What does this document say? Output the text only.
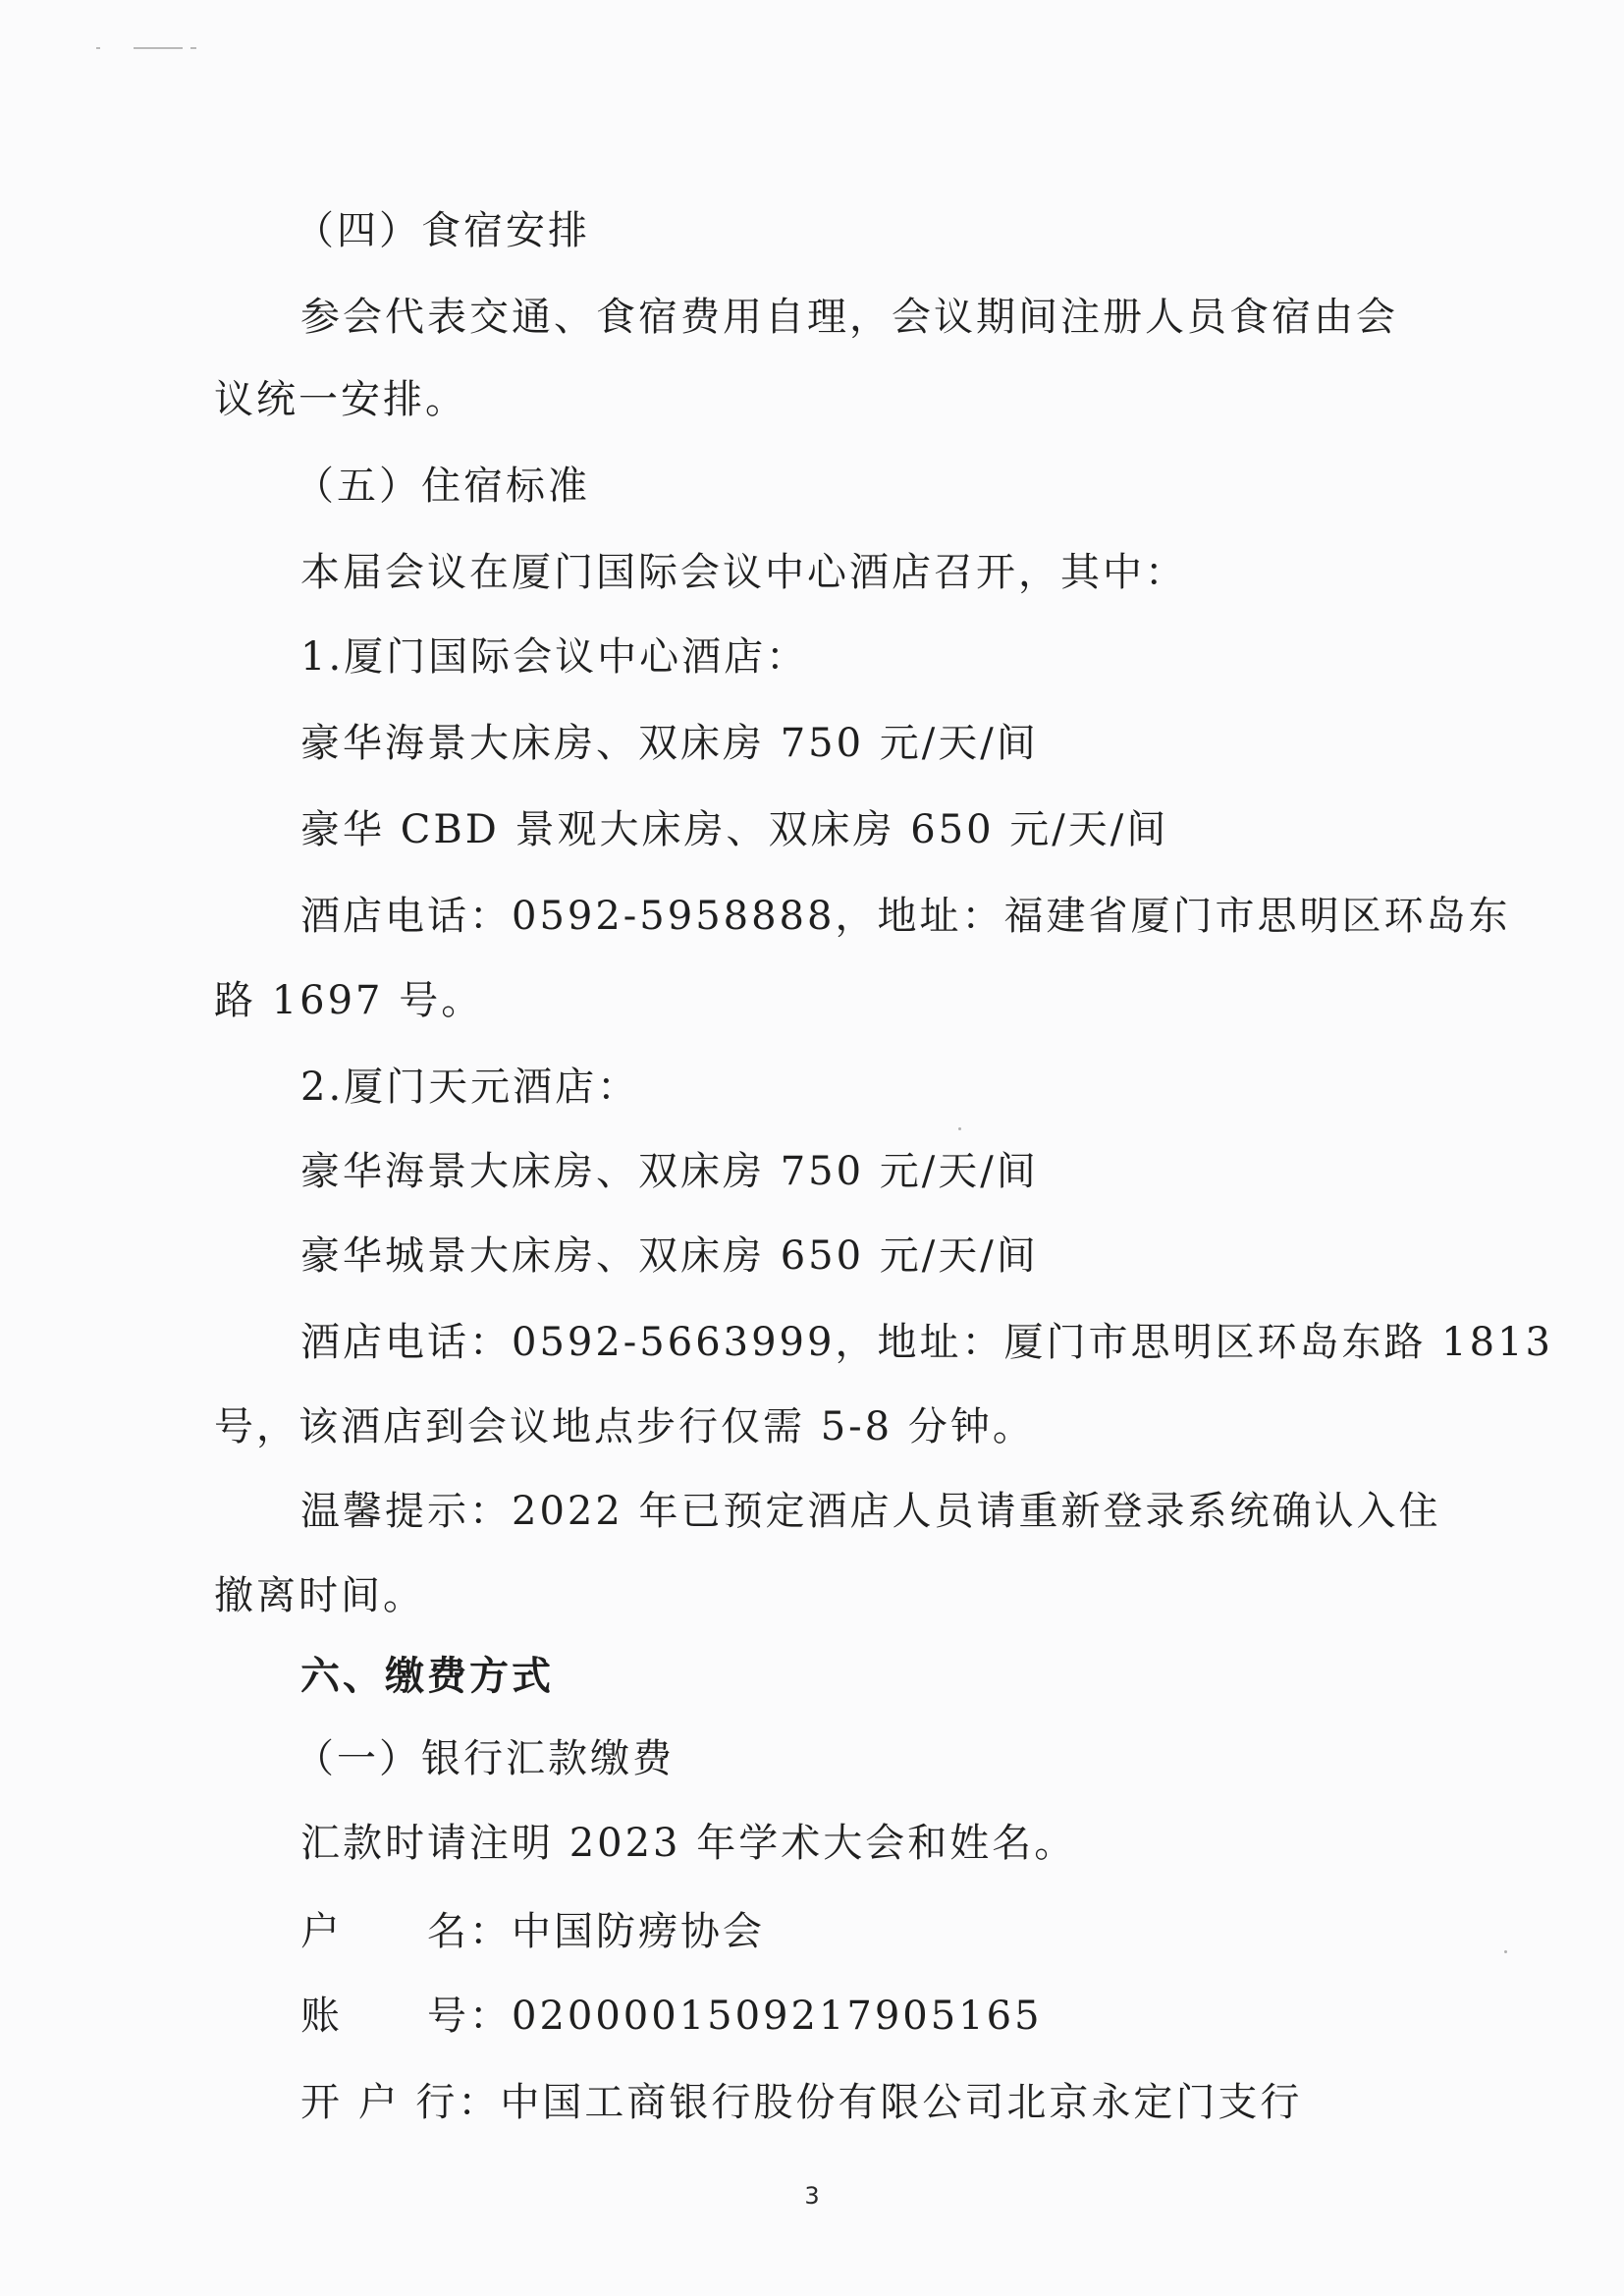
（四）食宿安排
参会代表交通、食宿费用自理，会议期间注册人员食宿由会
议统一安排。
（五）住宿标准
本届会议在厦门国际会议中心酒店召开，其中：
1.厦门国际会议中心酒店：
豪华海景大床房、双床房 750 元/天/间
豪华 CBD 景观大床房、双床房 650 元/天/间
酒店电话：0592-5958888，地址：福建省厦门市思明区环岛东
路 1697 号。
2.厦门天元酒店：
豪华海景大床房、双床房 750 元/天/间
豪华城景大床房、双床房 650 元/天/间
酒店电话：0592-5663999，地址：厦门市思明区环岛东路 1813
号，该酒店到会议地点步行仅需 5-8 分钟。
温馨提示：2022 年已预定酒店人员请重新登录系统确认入住
撤离时间。
六、缴费方式
（一）银行汇款缴费
汇款时请注明 2023 年学术大会和姓名。
户　　名：中国防痨协会
账　　号：0200001509217905165
开 户 行：中国工商银行股份有限公司北京永定门支行
3
